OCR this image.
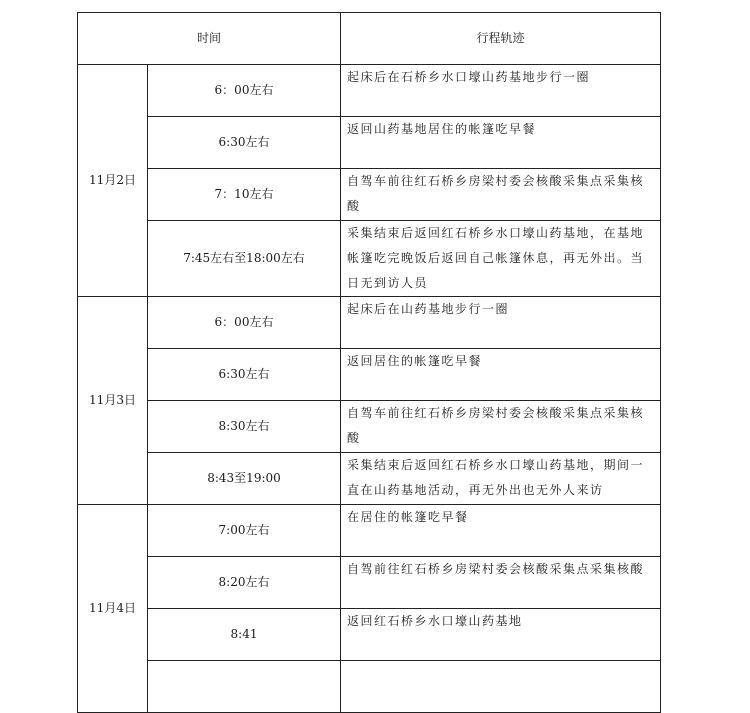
时间		行程轨迹
11月2日	6：00左右	起床后在石桥乡水口壕山药基地步行一圈
	6:30左右	返回山药基地居住的帐篷吃早餐
	7：10左右	自驾车前往红石桥乡房梁村委会核酸采集点采集核酸
	7:45左右至18:00左右	采集结束后返回红石桥乡水口壕山药基地，在基地帐篷吃完晚饭后返回自己帐篷休息，再无外出。当日无到访人员
11月3日	6：00左右	起床后在山药基地步行一圈
	6:30左右	返回居住的帐篷吃早餐
	8:30左右	自驾车前往红石桥乡房梁村委会核酸采集点采集核酸
	8:43至19:00	采集结束后返回红石桥乡水口壕山药基地，期间一直在山药基地活动，再无外出也无外人来访
11月4日	7:00左右	在居住的帐篷吃早餐
	8:20左右	自驾前往红石桥乡房梁村委会核酸采集点采集核酸
	8:41	返回红石桥乡水口壕山药基地
